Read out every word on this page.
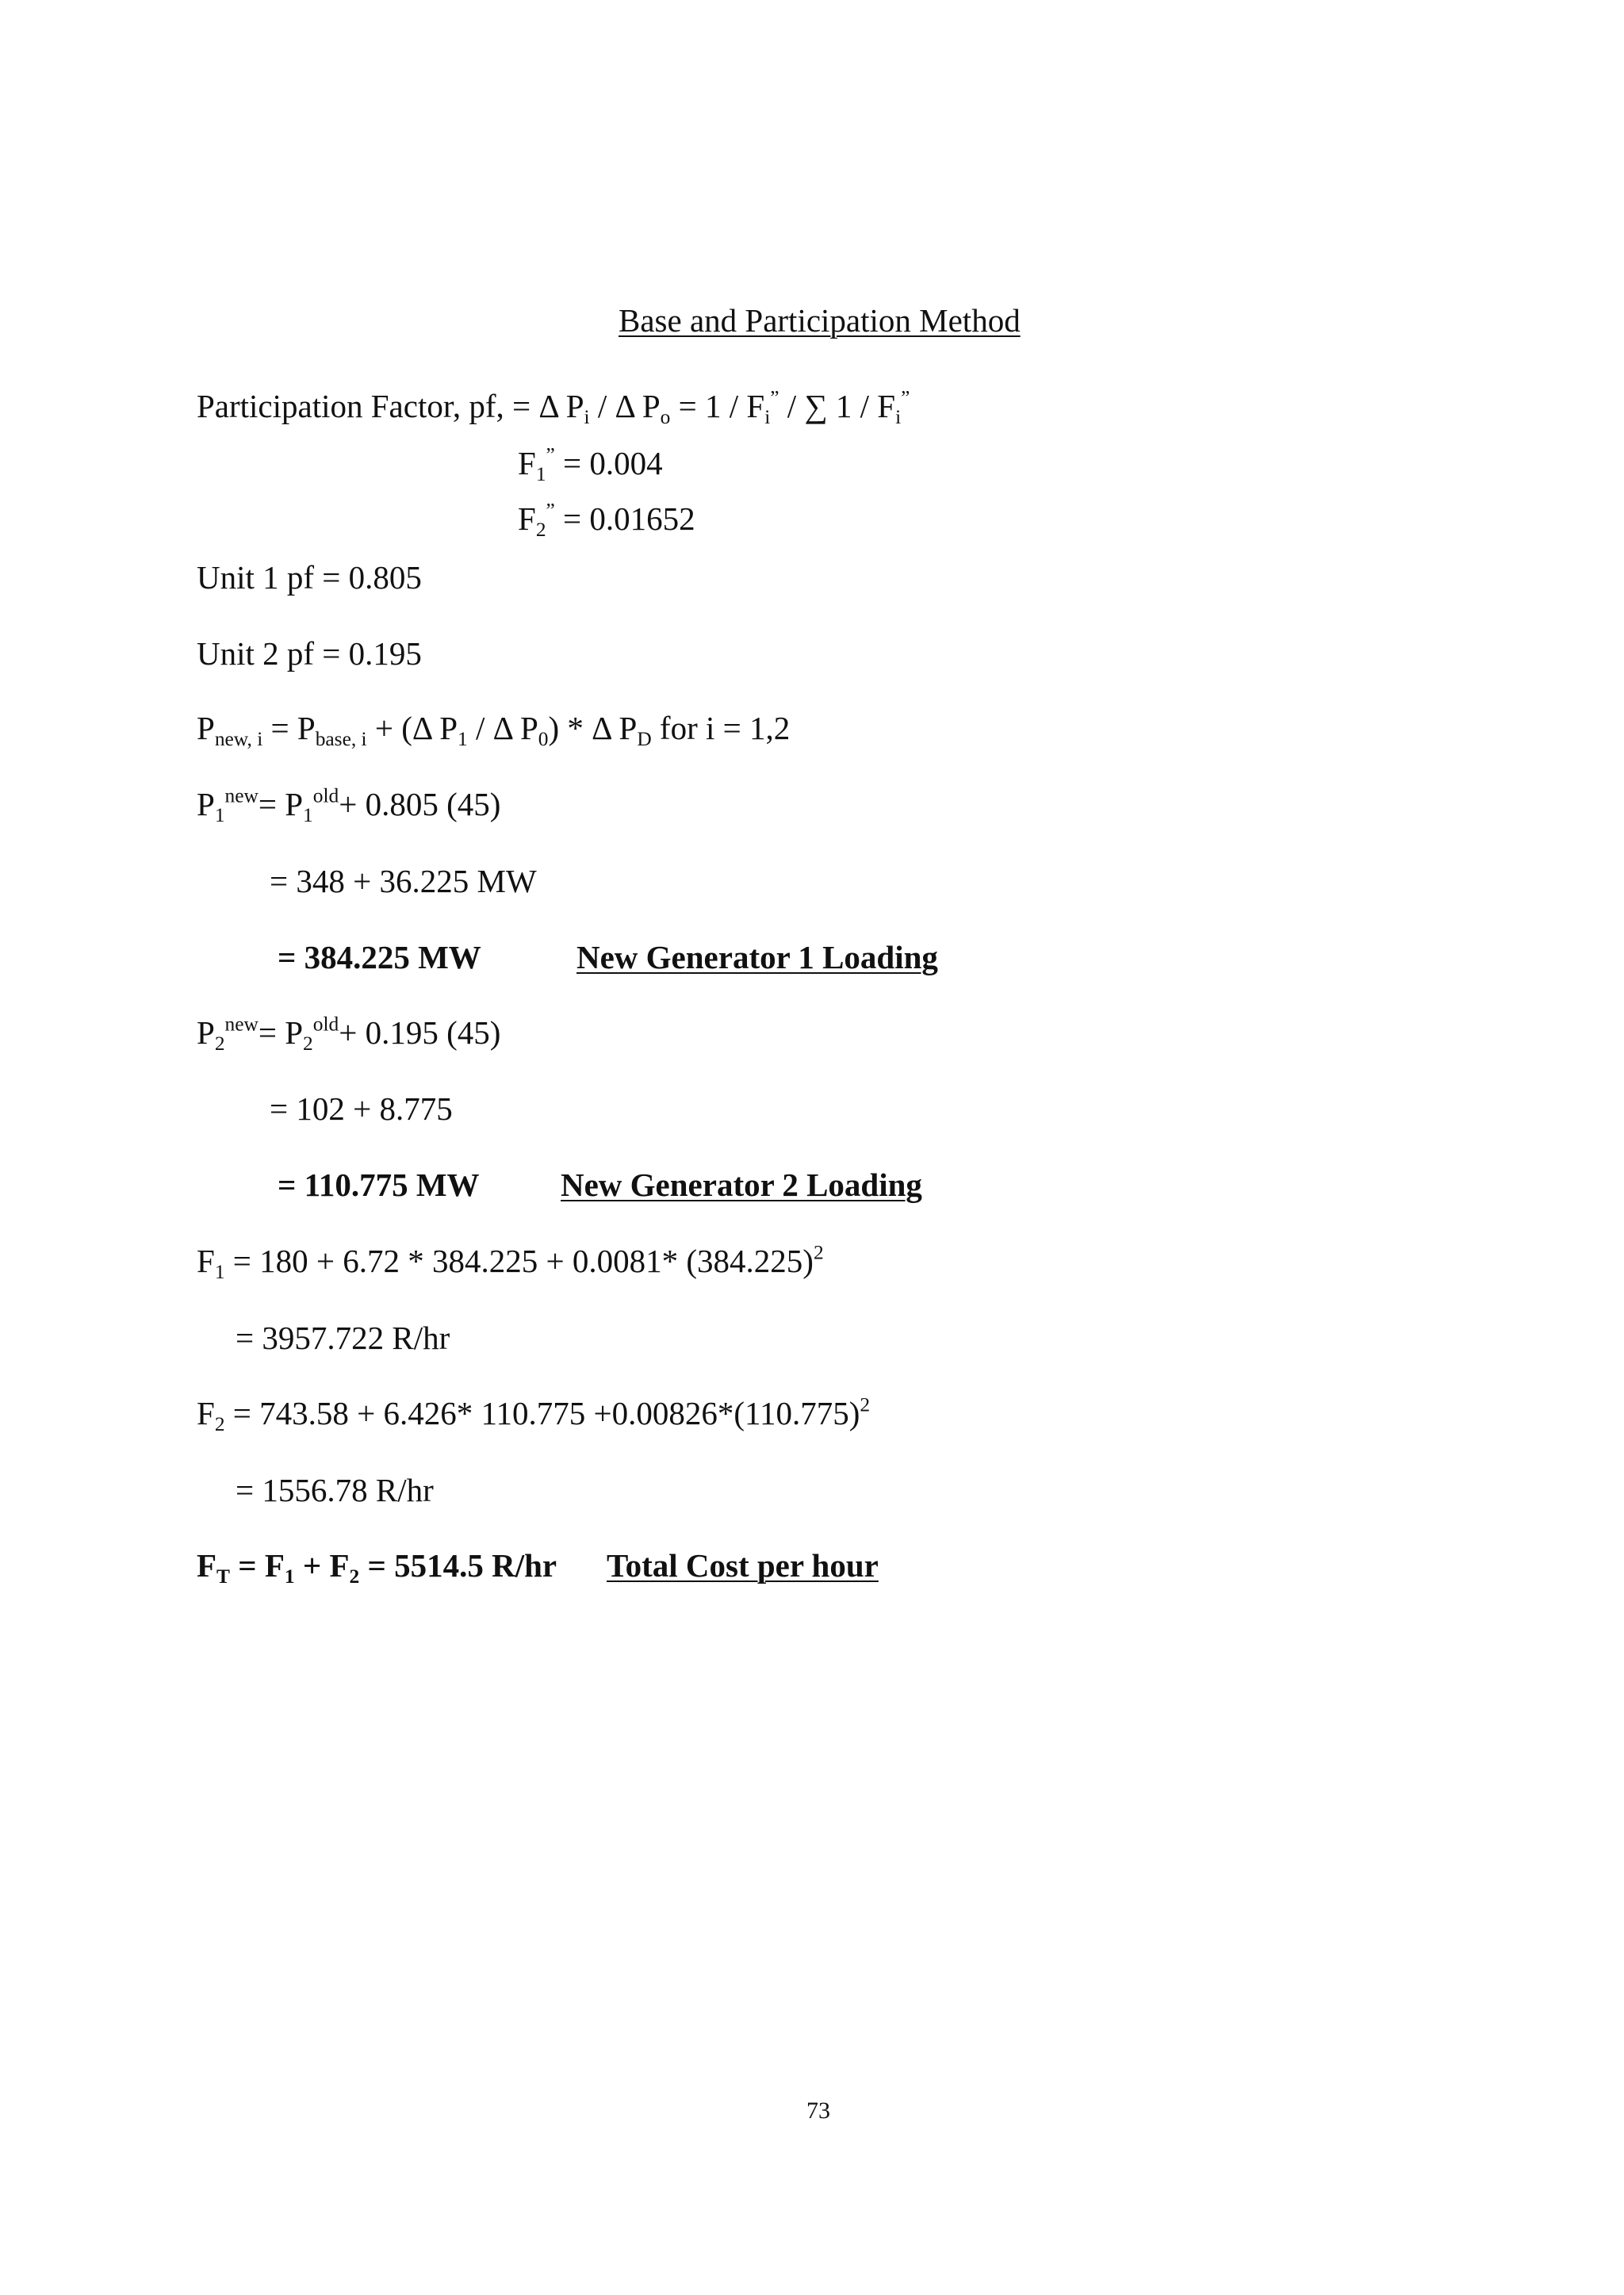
Base and Participation Method
Participation Factor, pf, = Δ $P_i$ / Δ $P_o = 1 / F_i^”$ / ∑ $1 / F_i^”$
$F_1^” = 0.004$
$F_2^” = 0.01652$
Unit 1 pf = 0.805
Unit 2 pf = 0.195
$P_{new, i} = P_{base, i} + (\Delta$ $P_1$ / Δ $P_0$) * Δ $P_D$ for i = 1,2
$P_1^{new}= P_1^{old}+ 0.805$ (45)
= 348 + 36.225 MW
= 384.225 MW	New Generator 1 Loading
$P_2^{new}= P_2^{old}+ 0.195$ (45)
= 102 + 8.775
= 110.775 MW New Generator 2 Loading
$F_1 = 180 + 6.72 * 384.225 + 0.0081*$ $(384.225)^2$
= 3957.722 R/hr
$F_2 = 743.58 + 6.426*$ $110.775 +0.00826*(110.775)^2$
= 1556.78 R/hr
$F_T = F_1 + F_2 = 5514.5$ R/hr Total Cost per hour
73
